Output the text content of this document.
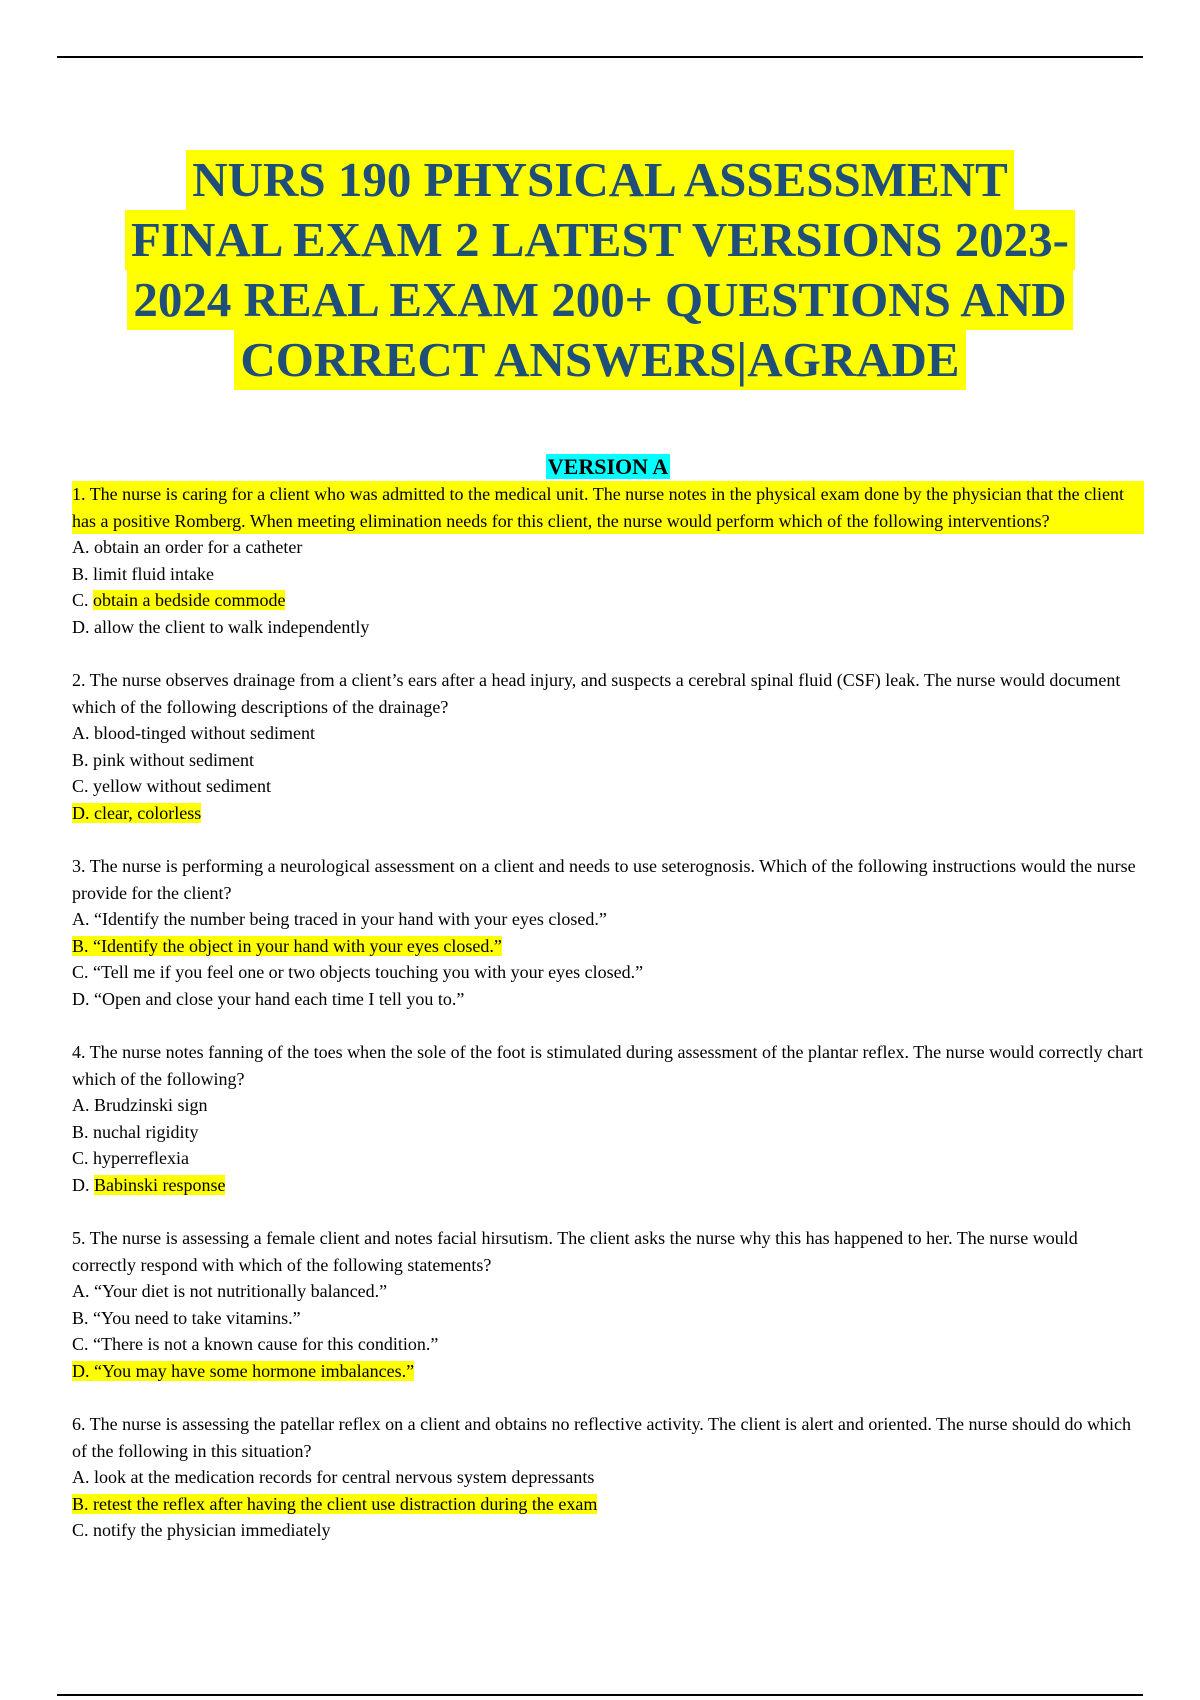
NURS 190 PHYSICAL ASSESSMENT
FINAL EXAM 2 LATEST VERSIONS 2023-
2024 REAL EXAM 200+ QUESTIONS AND
CORRECT ANSWERS|AGRADE
VERSION A
1. The nurse is caring for a client who was admitted to the medical unit. The nurse notes in the physical exam done by the physician that the client has a positive Romberg. When meeting elimination needs for this client, the nurse would perform which of the following interventions?
A. obtain an order for a catheter
B. limit fluid intake
C. obtain a bedside commode
D. allow the client to walk independently
2. The nurse observes drainage from a client’s ears after a head injury, and suspects a cerebral spinal fluid (CSF) leak. The nurse would document which of the following descriptions of the drainage?
A. blood-tinged without sediment
B. pink without sediment
C. yellow without sediment
D. clear, colorless
3. The nurse is performing a neurological assessment on a client and needs to use seterognosis. Which of the following instructions would the nurse provide for the client?
A. “Identify the number being traced in your hand with your eyes closed.”
B. “Identify the object in your hand with your eyes closed.”
C. “Tell me if you feel one or two objects touching you with your eyes closed.”
D. “Open and close your hand each time I tell you to.”
4. The nurse notes fanning of the toes when the sole of the foot is stimulated during assessment of the plantar reflex. The nurse would correctly chart which of the following?
A. Brudzinski sign
B. nuchal rigidity
C. hyperreflexia
D. Babinski response
5. The nurse is assessing a female client and notes facial hirsutism. The client asks the nurse why this has happened to her. The nurse would correctly respond with which of the following statements?
A. “Your diet is not nutritionally balanced.”
B. “You need to take vitamins.”
C. “There is not a known cause for this condition.”
D. “You may have some hormone imbalances.”
6. The nurse is assessing the patellar reflex on a client and obtains no reflective activity. The client is alert and oriented. The nurse should do which of the following in this situation?
A. look at the medication records for central nervous system depressants
B. retest the reflex after having the client use distraction during the exam
C. notify the physician immediately
